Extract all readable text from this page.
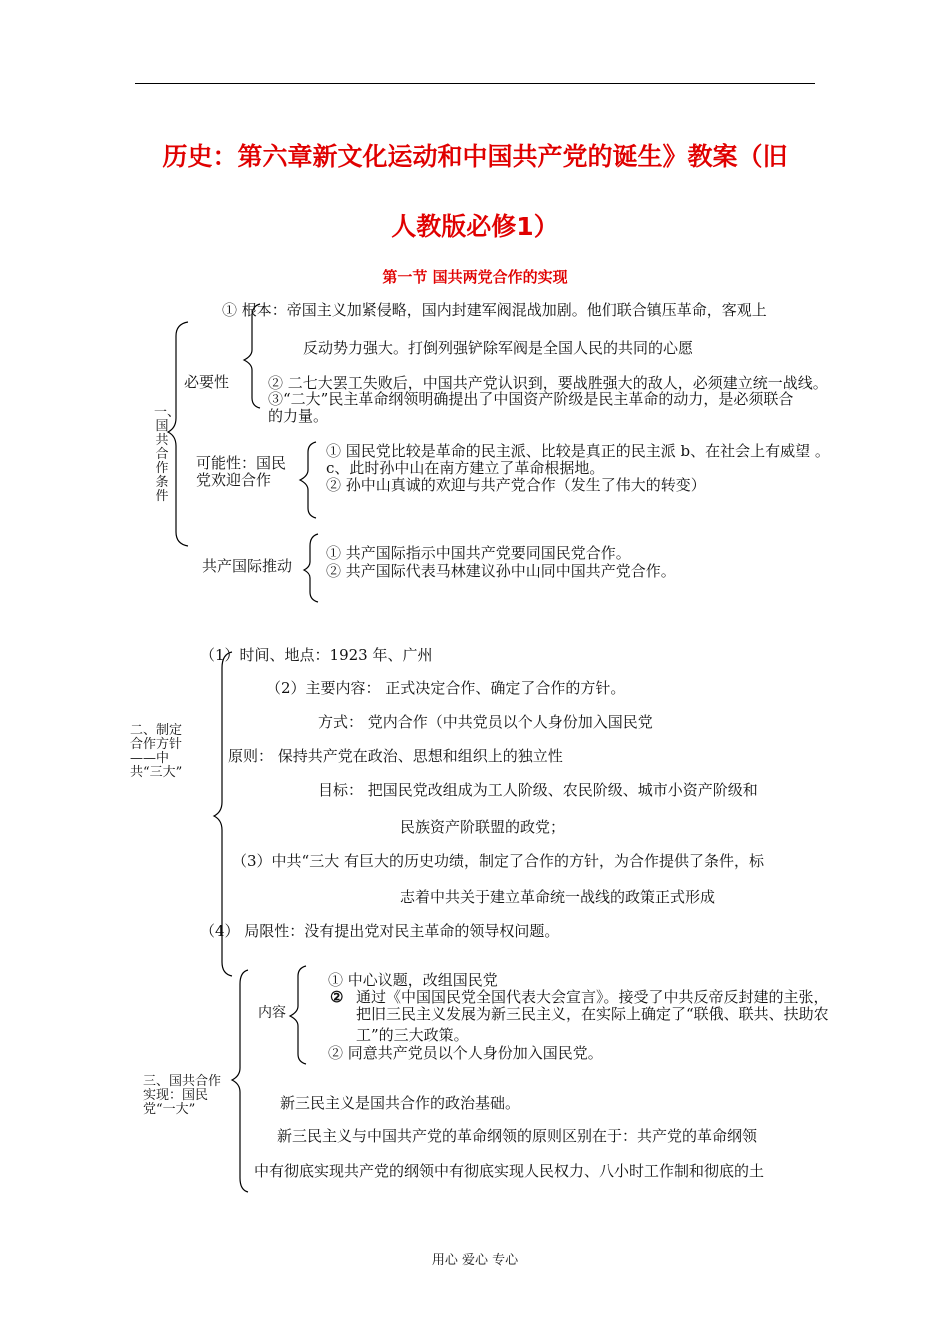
历史：第六章新文化运动和中国共产党的诞生》教案（旧
人教版必修1）
第一节 国共两党合作的实现
一、国共合作条件
必要性
① 根本：帝国主义加紧侵略，国内封建军阀混战加剧。他们联合镇压革命，客观上
反动势力强大。打倒列强铲除军阀是全国人民的共同的心愿
② 二七大罢工失败后，中国共产党认识到，要战胜强大的敌人，必须建立统一战线。
③“二大”民主革命纲领明确提出了中国资产阶级是民主革命的动力，是必须联合
的力量。
可能性：国民
党欢迎合作
① 国民党比较是革命的民主派、比较是真正的民主派 b、在社会上有威望 。
c、此时孙中山在南方建立了革命根据地。
② 孙中山真诚的欢迎与共产党合作（发生了伟大的转变）
共产国际推动
① 共产国际指示中国共产党要同国民党合作。
② 共产国际代表马林建议孙中山同中国共产党合作。
二、制定合作方针——中共“三大”
（1）时间、地点：1923 年、广州
（2）主要内容： 正式决定合作、确定了合作的方针。
方式： 党内合作（中共党员以个人身份加入国民党
原则： 保持共产党在政治、思想和组织上的独立性
目标： 把国民党改组成为工人阶级、农民阶级、城市小资产阶级和
民族资产阶联盟的政党；
（3）中共“三大 有巨大的历史功绩，制定了合作的方针，为合作提供了条件，标
志着中共关于建立革命统一战线的政策正式形成
（4） 局限性：没有提出党对民主革命的领导权问题。
三、国共合作实现：国民党“一大”
内容
① 中心议题，改组国民党
② 通过《中国国民党全国代表大会宣言》。接受了中共反帝反封建的主张，
把旧三民主义发展为新三民主义，在实际上确定了“联俄、联共、扶助农
工”的三大政策。
② 同意共产党员以个人身份加入国民党。
新三民主义是国共合作的政治基础。
新三民主义与中国共产党的革命纲领的原则区别在于：共产党的革命纲领
中有彻底实现共产党的纲领中有彻底实现人民权力、八小时工作制和彻底的土
用心 爱心 专心
